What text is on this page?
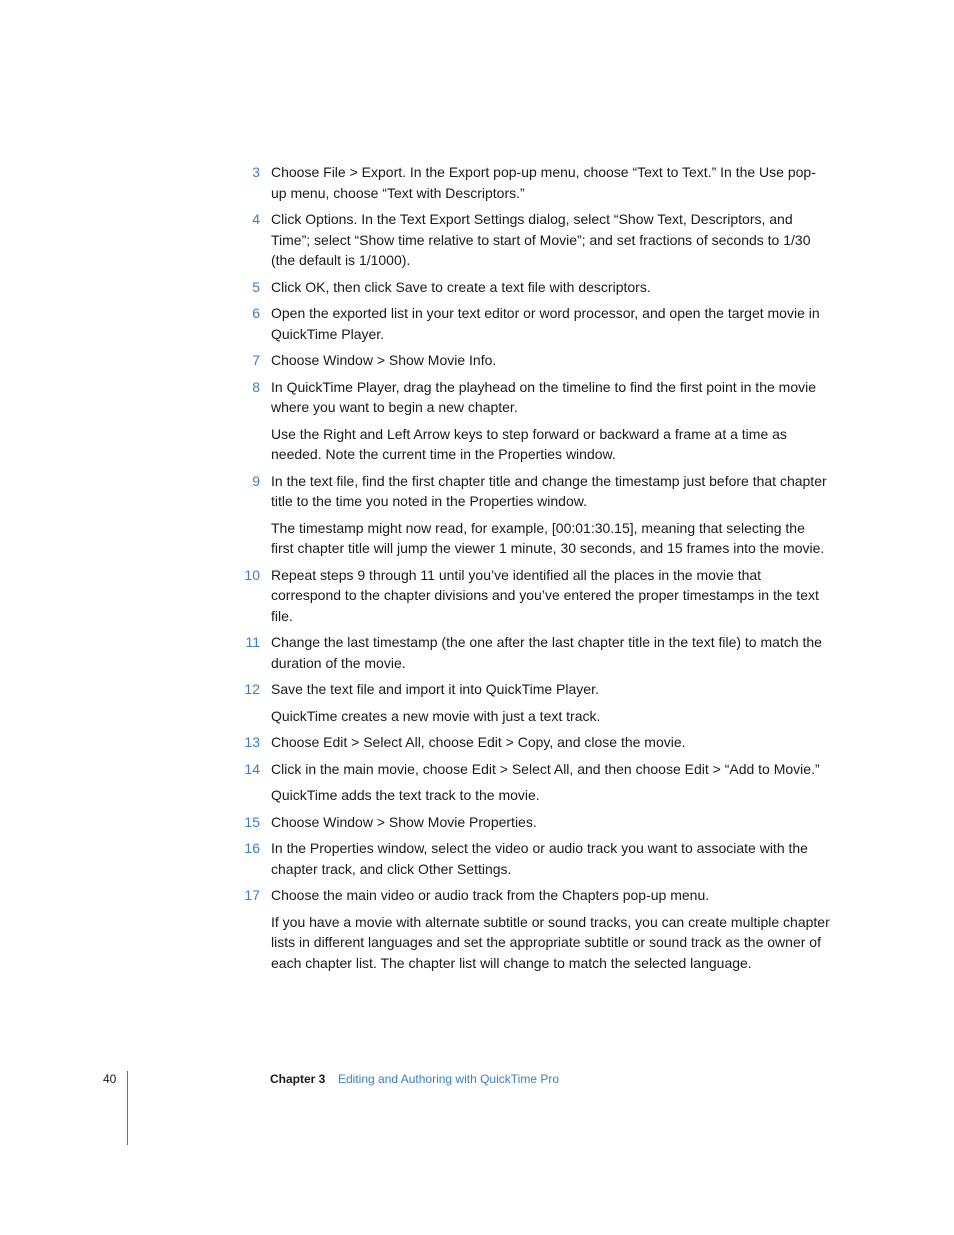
3 Choose File > Export. In the Export pop-up menu, choose “Text to Text.” In the Use pop-up menu, choose “Text with Descriptors.”
4 Click Options. In the Text Export Settings dialog, select “Show Text, Descriptors, and Time”; select “Show time relative to start of Movie”; and set fractions of seconds to 1/30 (the default is 1/1000).
5 Click OK, then click Save to create a text file with descriptors.
6 Open the exported list in your text editor or word processor, and open the target movie in QuickTime Player.
7 Choose Window > Show Movie Info.
8 In QuickTime Player, drag the playhead on the timeline to find the first point in the movie where you want to begin a new chapter.
Use the Right and Left Arrow keys to step forward or backward a frame at a time as needed. Note the current time in the Properties window.
9 In the text file, find the first chapter title and change the timestamp just before that chapter title to the time you noted in the Properties window.
The timestamp might now read, for example, [00:01:30.15], meaning that selecting the first chapter title will jump the viewer 1 minute, 30 seconds, and 15 frames into the movie.
10 Repeat steps 9 through 11 until you’ve identified all the places in the movie that correspond to the chapter divisions and you’ve entered the proper timestamps in the text file.
11 Change the last timestamp (the one after the last chapter title in the text file) to match the duration of the movie.
12 Save the text file and import it into QuickTime Player.
QuickTime creates a new movie with just a text track.
13 Choose Edit > Select All, choose Edit > Copy, and close the movie.
14 Click in the main movie, choose Edit > Select All, and then choose Edit > “Add to Movie.”
QuickTime adds the text track to the movie.
15 Choose Window > Show Movie Properties.
16 In the Properties window, select the video or audio track you want to associate with the chapter track, and click Other Settings.
17 Choose the main video or audio track from the Chapters pop-up menu.
If you have a movie with alternate subtitle or sound tracks, you can create multiple chapter lists in different languages and set the appropriate subtitle or sound track as the owner of each chapter list. The chapter list will change to match the selected language.
40	Chapter 3 Editing and Authoring with QuickTime Pro
